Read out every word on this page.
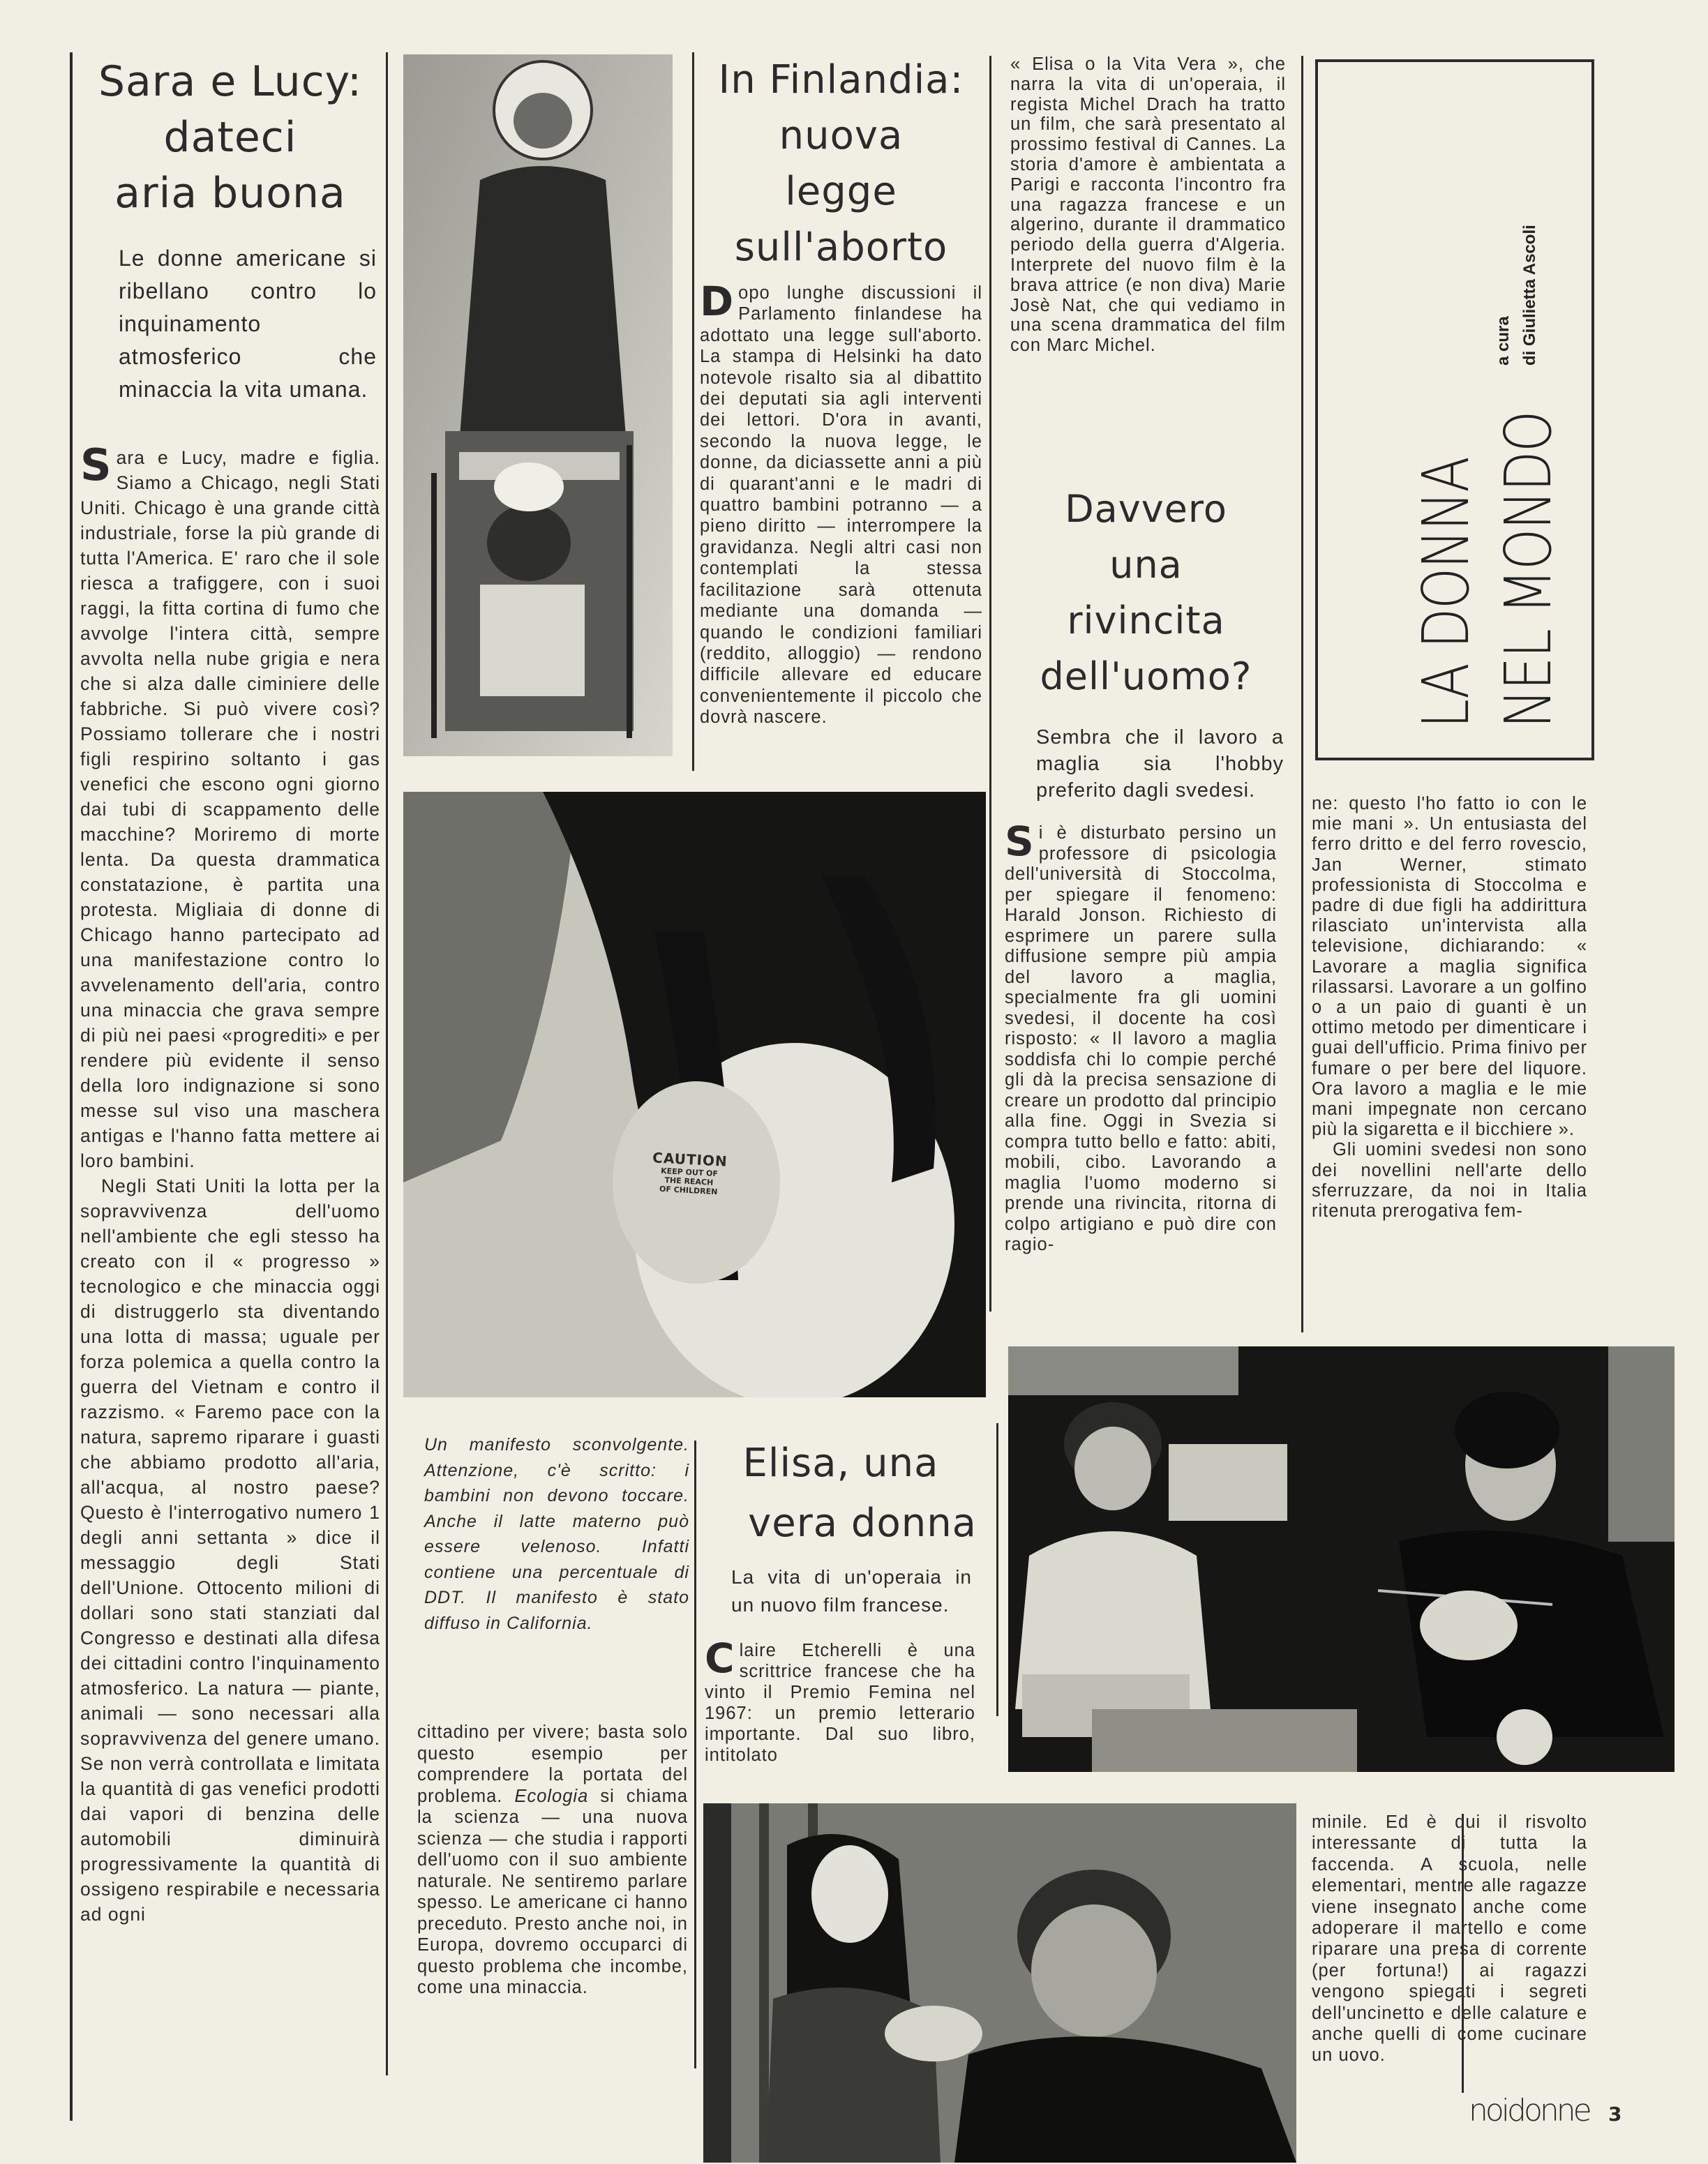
Sara e Lucy:
dateci
aria buona

Le donne americane si ribellano contro lo inquinamento atmosferico che minaccia la vita umana.

S ara e Lucy, madre e figlia. Siamo a Chicago, negli Stati Uniti. Chicago è una grande città industriale, forse la più grande di tutta l'America. E' raro che il sole riesca a trafiggere, con i suoi raggi, la fitta cortina di fumo che avvolge l'intera città, sempre avvolta nella nube grigia e nera che si alza dalle ciminiere delle fabbriche. Si può vivere così? Possiamo tollerare che i nostri figli respirino soltanto i gas venefici che escono ogni giorno dai tubi di scappamento delle macchine? Moriremo di morte lenta. Da questa drammatica constatazione, è partita una protesta. Migliaia di donne di Chicago hanno partecipato ad una manifestazione contro lo avvelenamento dell'aria, contro una minaccia che grava sempre di più nei paesi «progrediti» e per rendere più evidente il senso della loro indignazione si sono messe sul viso una maschera antigas e l'hanno fatta mettere ai loro bambini.
Negli Stati Uniti la lotta per la sopravvivenza dell'uomo nell'ambiente che egli stesso ha creato con il « progresso » tecnologico e che minaccia oggi di distruggerlo sta diventando una lotta di massa; uguale per forza polemica a quella contro la guerra del Vietnam e contro il razzismo. « Faremo pace con la natura, sapremo riparare i guasti che abbiamo prodotto all'aria, all'acqua, al nostro paese? Questo è l'interrogativo numero 1 degli anni settanta » dice il messaggio degli Stati dell'Unione. Ottocento milioni di dollari sono stati stanziati dal Congresso e destinati alla difesa dei cittadini contro l'inquinamento atmosferico. La natura — piante, animali — sono necessari alla sopravvivenza del genere umano. Se non verrà controllata e limitata la quantità di gas venefici prodotti dai vapori di benzina delle automobili diminuirà progressivamente la quantità di ossigeno respirabile e necessaria ad ogni
In Finlandia:
nuova
legge
sull'aborto
D opo lunghe discussioni il Parlamento finlandese ha adottato una legge sull'aborto. La stampa di Helsinki ha dato notevole risalto sia al dibattito dei deputati sia agli interventi dei lettori. D'ora in avanti, secondo la nuova legge, le donne, da diciassette anni a più di quarant'anni e le madri di quattro bambini potranno — a pieno diritto — interrompere la gravidanza. Negli altri casi non contemplati la stessa facilitazione sarà ottenuta mediante una domanda — quando le condizioni familiari (reddito, alloggio) — rendono difficile allevare ed educare convenientemente il piccolo che dovrà nascere.
CAUTION
KEEP OUT OF
THE REACH
OF CHILDREN
Un manifesto sconvolgente. Attenzione, c'è scritto: i bambini non devono toccare. Anche il latte materno può essere velenoso. Infatti contiene una percentuale di DDT. Il manifesto è stato diffuso in California.
cittadino per vivere; basta solo questo esempio per comprendere la portata del problema. Ecologia si chiama la scienza — una nuova scienza — che studia i rapporti dell'uomo con il suo ambiente naturale. Ne sentiremo parlare spesso. Le americane ci hanno preceduto. Presto anche noi, in Europa, dovremo occuparci di questo problema che incombe, come una minaccia.
Elisa, una
vera donna

La vita di un'operaia in un nuovo film francese.

C laire Etcherelli è una scrittrice francese che ha vinto il Premio Femina nel 1967: un premio letterario importante. Dal suo libro, intitolato
« Elisa o la Vita Vera », che narra la vita di un'operaia, il regista Michel Drach ha tratto un film, che sarà presentato al prossimo festival di Cannes. La storia d'amore è ambientata a Parigi e racconta l'incontro fra una ragazza francese e un algerino, durante il drammatico periodo della guerra d'Algeria. Interprete del nuovo film è la brava attrice (e non diva) Marie Josè Nat, che qui vediamo in una scena drammatica del film con Marc Michel.
LA DONNA NEL MONDO
a cura di Giulietta Ascoli
Davvero
una
rivincita
dell'uomo?

Sembra che il lavoro a maglia sia l'hobby preferito dagli svedesi.

S i è disturbato persino un professore di psicologia dell'università di Stoccolma, per spiegare il fenomeno: Harald Jonson. Richiesto di esprimere un parere sulla diffusione sempre più ampia del lavoro a maglia, specialmente fra gli uomini svedesi, il docente ha così risposto: « Il lavoro a maglia soddisfa chi lo compie perché gli dà la precisa sensazione di creare un prodotto dal principio alla fine. Oggi in Svezia si compra tutto bello e fatto: abiti, mobili, cibo. Lavorando a maglia l'uomo moderno si prende una rivincita, ritorna di colpo artigiano e può dire con ragio-
ne: questo l'ho fatto io con le mie mani ». Un entusiasta del ferro dritto e del ferro rovescio, Jan Werner, stimato professionista di Stoccolma e padre di due figli ha addirittura rilasciato un'intervista alla televisione, dichiarando: « Lavorare a maglia significa rilassarsi. Lavorare a un golfino o a un paio di guanti è un ottimo metodo per dimenticare i guai dell'ufficio. Prima finivo per fumare o per bere del liquore. Ora lavoro a maglia e le mie mani impegnate non cercano più la sigaretta e il bicchiere ».
Gli uomini svedesi non sono dei novellini nell'arte dello sferruzzare, da noi in Italia ritenuta prerogativa fem-
minile. Ed è qui il risvolto interessante di tutta la faccenda. A scuola, nelle elementari, mentre alle ragazze viene insegnato anche come adoperare il martello e come riparare una presa di corrente (per fortuna!) ai ragazzi vengono spiegati i segreti dell'uncinetto e delle calature e anche quelli di come cucinare un uovo.
noidonne 3
